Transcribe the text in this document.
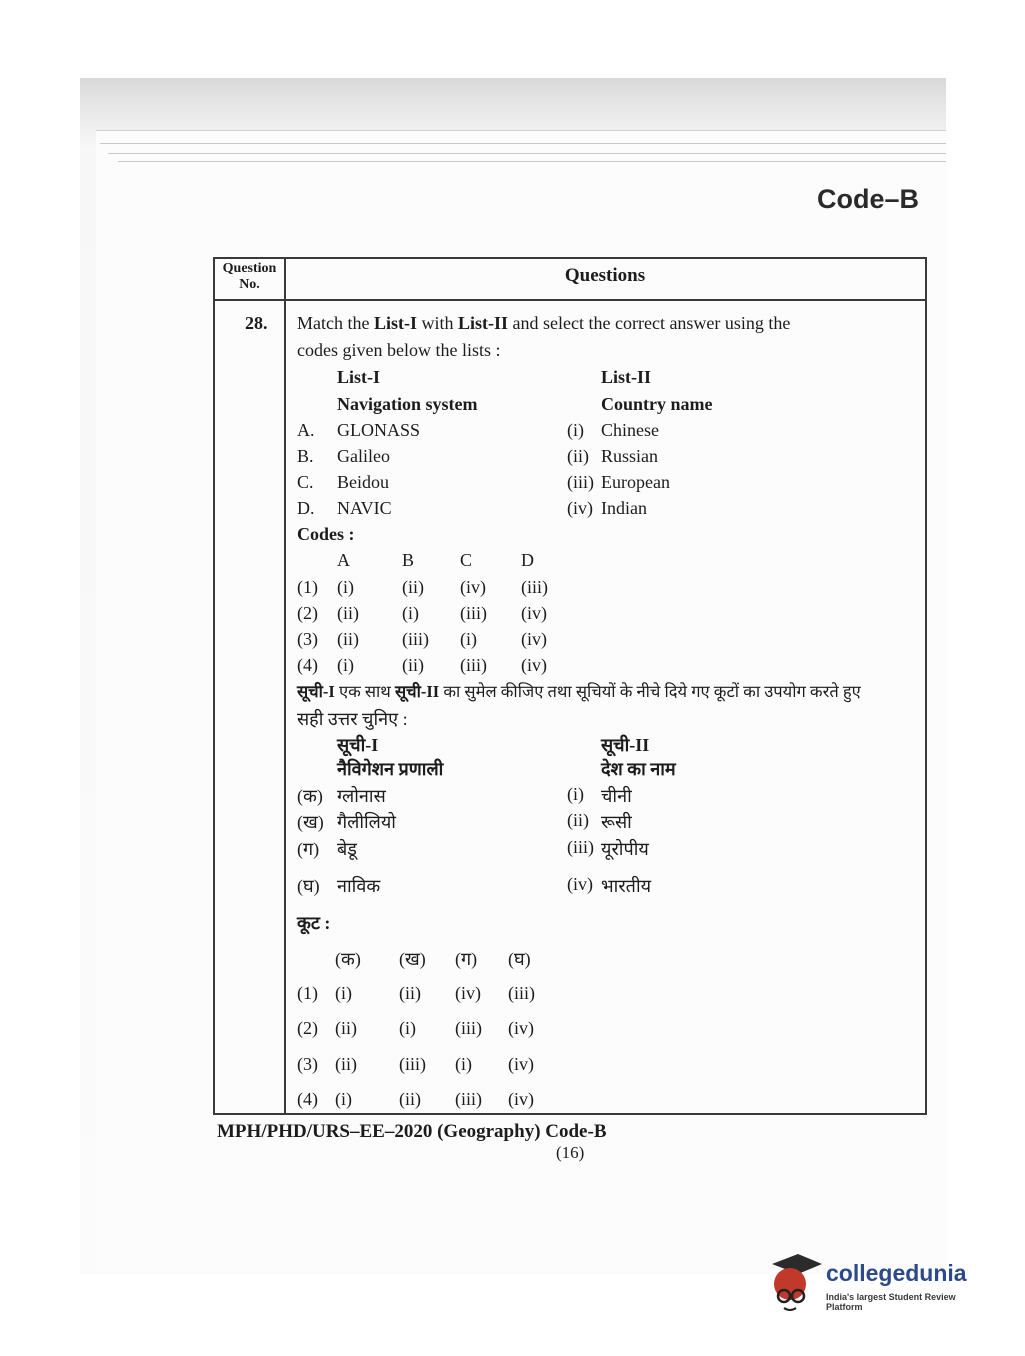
Code–B
Question
No.	Questions
28. Match the List-I with List-II and select the correct answer using the
codes given below the lists :
List-I	List-II
Navigation system	Country name
A. GLONASS	(i) Chinese
B. Galileo	(ii) Russian
C. Beidou	(iii) European
D. NAVIC	(iv) Indian
Codes :
A	B	C	D
(1) (i)	(ii) (iv) (iii)
(2) (ii) (i) (iii) (iv)
(3) (ii) (iii) (i) (iv)
(4) (i)	(ii) (iii) (iv)
सूची-I एक साथ सूची-II का सुमेल कीजिए तथा सूचियों के नीचे दिये गए कूटों का उपयोग करते हुए
सही उत्तर चुनिए :
सूची-I	सूची-II
नैविगेशन प्रणाली	देश का नाम
(क) ग्लोनास	(i) चीनी
(ख) गैलीलियो	(ii) रूसी
(ग) बेडू	(iii) यूरोपीय
(घ) नाविक	(iv) भारतीय
कूट :
(क) (ख) (ग) (घ)
(1) (i)	(ii) (iv) (iii)
(2) (ii) (i) (iii) (iv)
(3) (ii) (iii) (i) (iv)
(4) (i)	(ii) (iii) (iv)
MPH/PHD/URS–EE–2020 (Geography) Code-B
(16)
collegedunia
India's largest Student Review Platform
